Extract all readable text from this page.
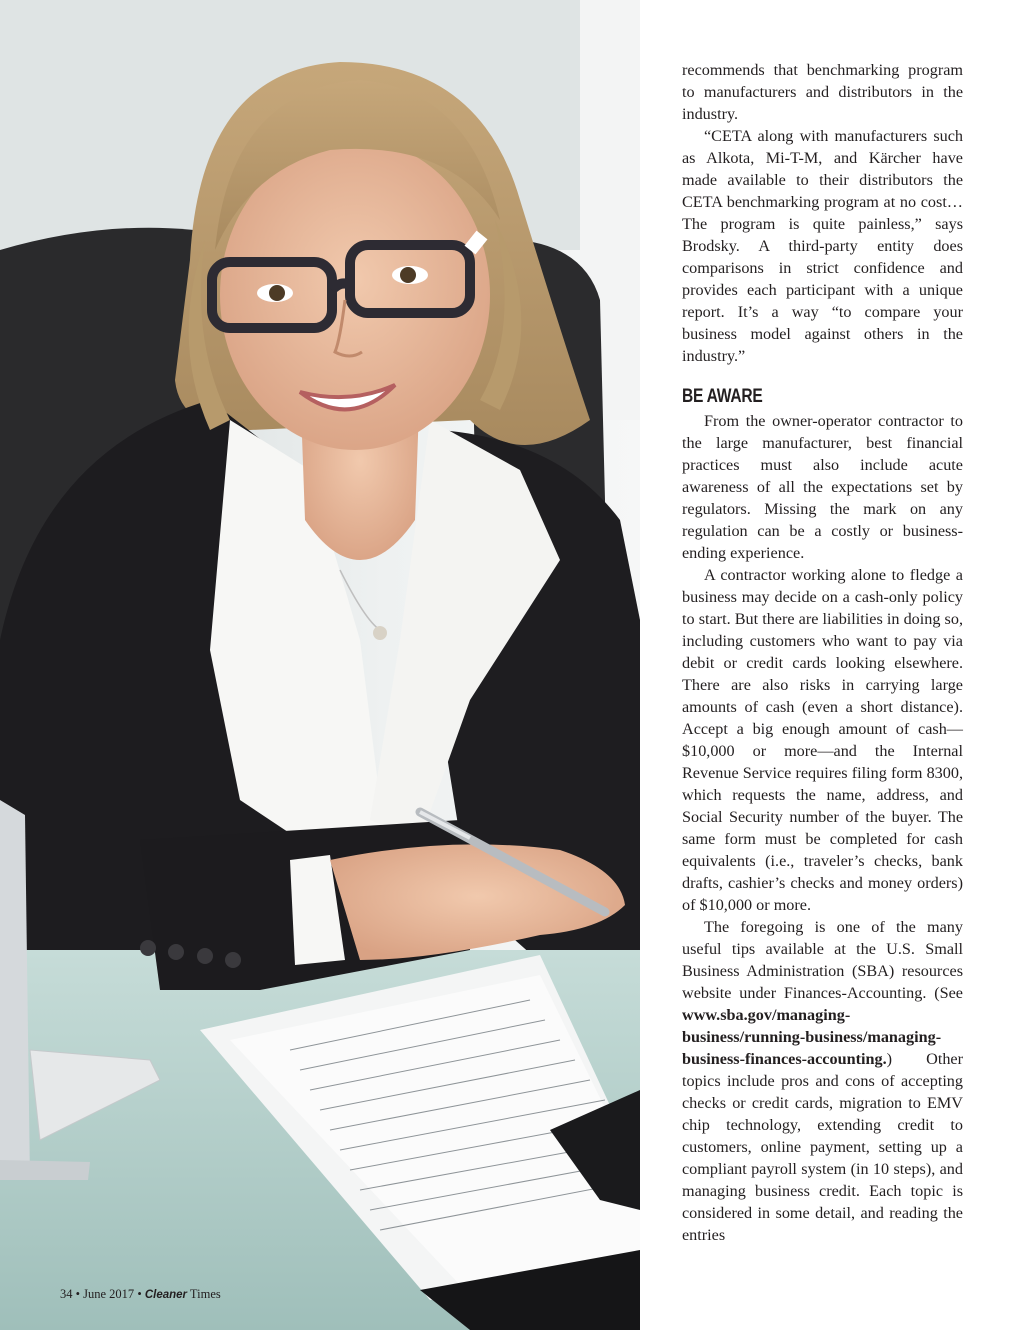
recommends that benchmarking program to manufacturers and distributors in the industry.

“CETA along with manufacturers such as Alkota, Mi-T-M, and Kärcher have made available to their distributors the CETA benchmarking program at no cost…The program is quite painless,” says Brodsky. A third-party entity does comparisons in strict confidence and provides each participant with a unique report. It’s a way “to compare your business model against others in the industry.”

BE AWARE

From the owner-operator contractor to the large manufacturer, best financial practices must also include acute awareness of all the expectations set by regulators. Missing the mark on any regulation can be a costly or business-ending experience.

A contractor working alone to fledge a business may decide on a cash-only policy to start. But there are liabilities in doing so, including customers who want to pay via debit or credit cards looking elsewhere. There are also risks in carrying large amounts of cash (even a short distance). Accept a big enough amount of cash—$10,000 or more—and the Internal Revenue Service requires filing form 8300, which requests the name, address, and Social Security number of the buyer. The same form must be completed for cash equivalents (i.e., traveler’s checks, bank drafts, cashier’s checks and money orders) of $10,000 or more.

The foregoing is one of the many useful tips available at the U.S. Small Business Administration (SBA) resources website under Finances-Accounting. (See www.sba.gov/managing-business/running-business/managing-business-finances-accounting.) Other topics include pros and cons of accepting checks or credit cards, migration to EMV chip technology, extending credit to customers, online payment, setting up a compliant payroll system (in 10 steps), and managing business credit. Each topic is considered in some detail, and reading the entries

34 • June 2017 • Cleaner Times
